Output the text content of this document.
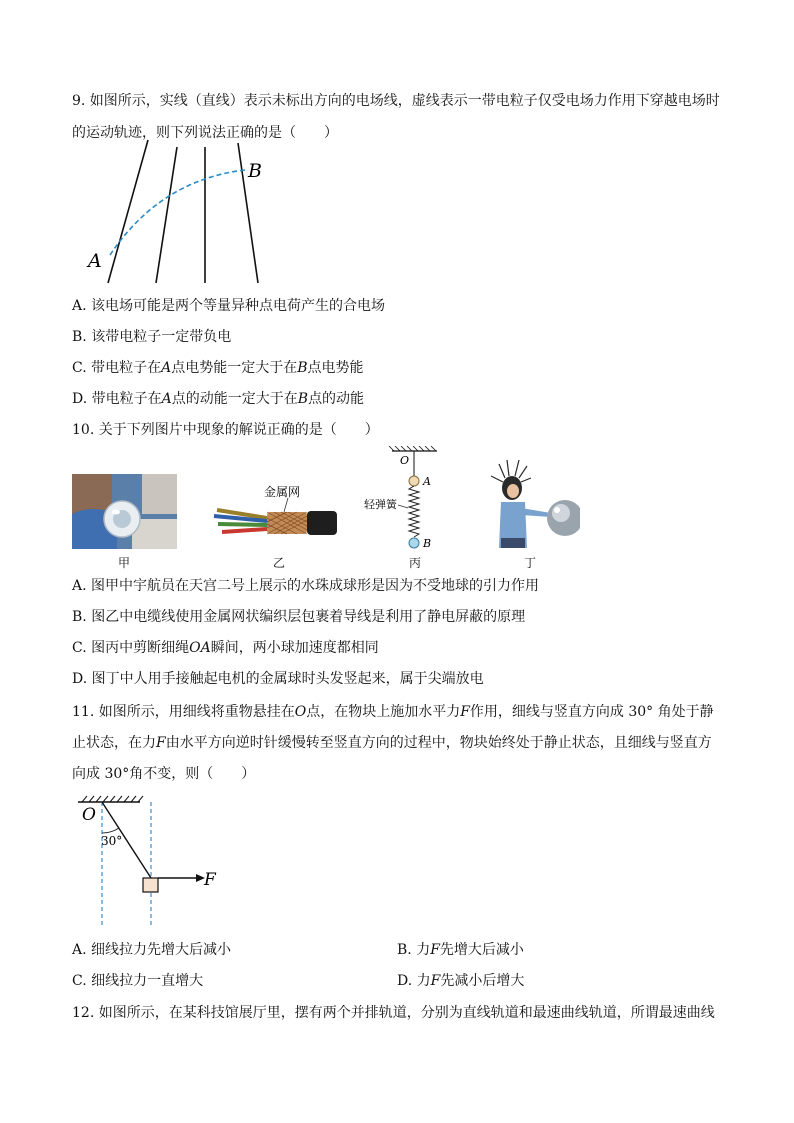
9. 如图所示，实线（直线）表示未标出方向的电场线，虚线表示一带电粒子仅受电场力作用下穿越电场时
的运动轨迹，则下列说法正确的是（　　）
A
B
A. 该电场可能是两个等量异种点电荷产生的合电场
B. 该带电粒子一定带负电
C. 带电粒子在A点电势能一定大于在B点电势能
D. 带电粒子在A点的动能一定大于在B点的动能
10. 关于下列图片中现象的解说正确的是（　　）
甲
金属网
乙
O
A
B
轻弹簧
丙	丁
A. 图甲中宇航员在天宫二号上展示的水珠成球形是因为不受地球的引力作用
B. 图乙中电缆线使用金属网状编织层包裹着导线是利用了静电屏蔽的原理
C. 图丙中剪断细绳OA瞬间，两小球加速度都相同
D. 图丁中人用手接触起电机的金属球时头发竖起来，属于尖端放电
11. 如图所示，用细线将重物悬挂在O点，在物块上施加水平力F作用，细线与竖直方向成 30° 角处于静
止状态，在力F由水平方向逆时针缓慢转至竖直方向的过程中，物块始终处于静止状态，且细线与竖直方
向成 30°角不变，则（　　）
O
30°
F
A. 细线拉力先增大后减小	B. 力F先增大后减小
C. 细线拉力一直增大	D. 力F先减小后增大
12. 如图所示，在某科技馆展厅里，摆有两个并排轨道，分别为直线轨道和最速曲线轨道，所谓最速曲线
